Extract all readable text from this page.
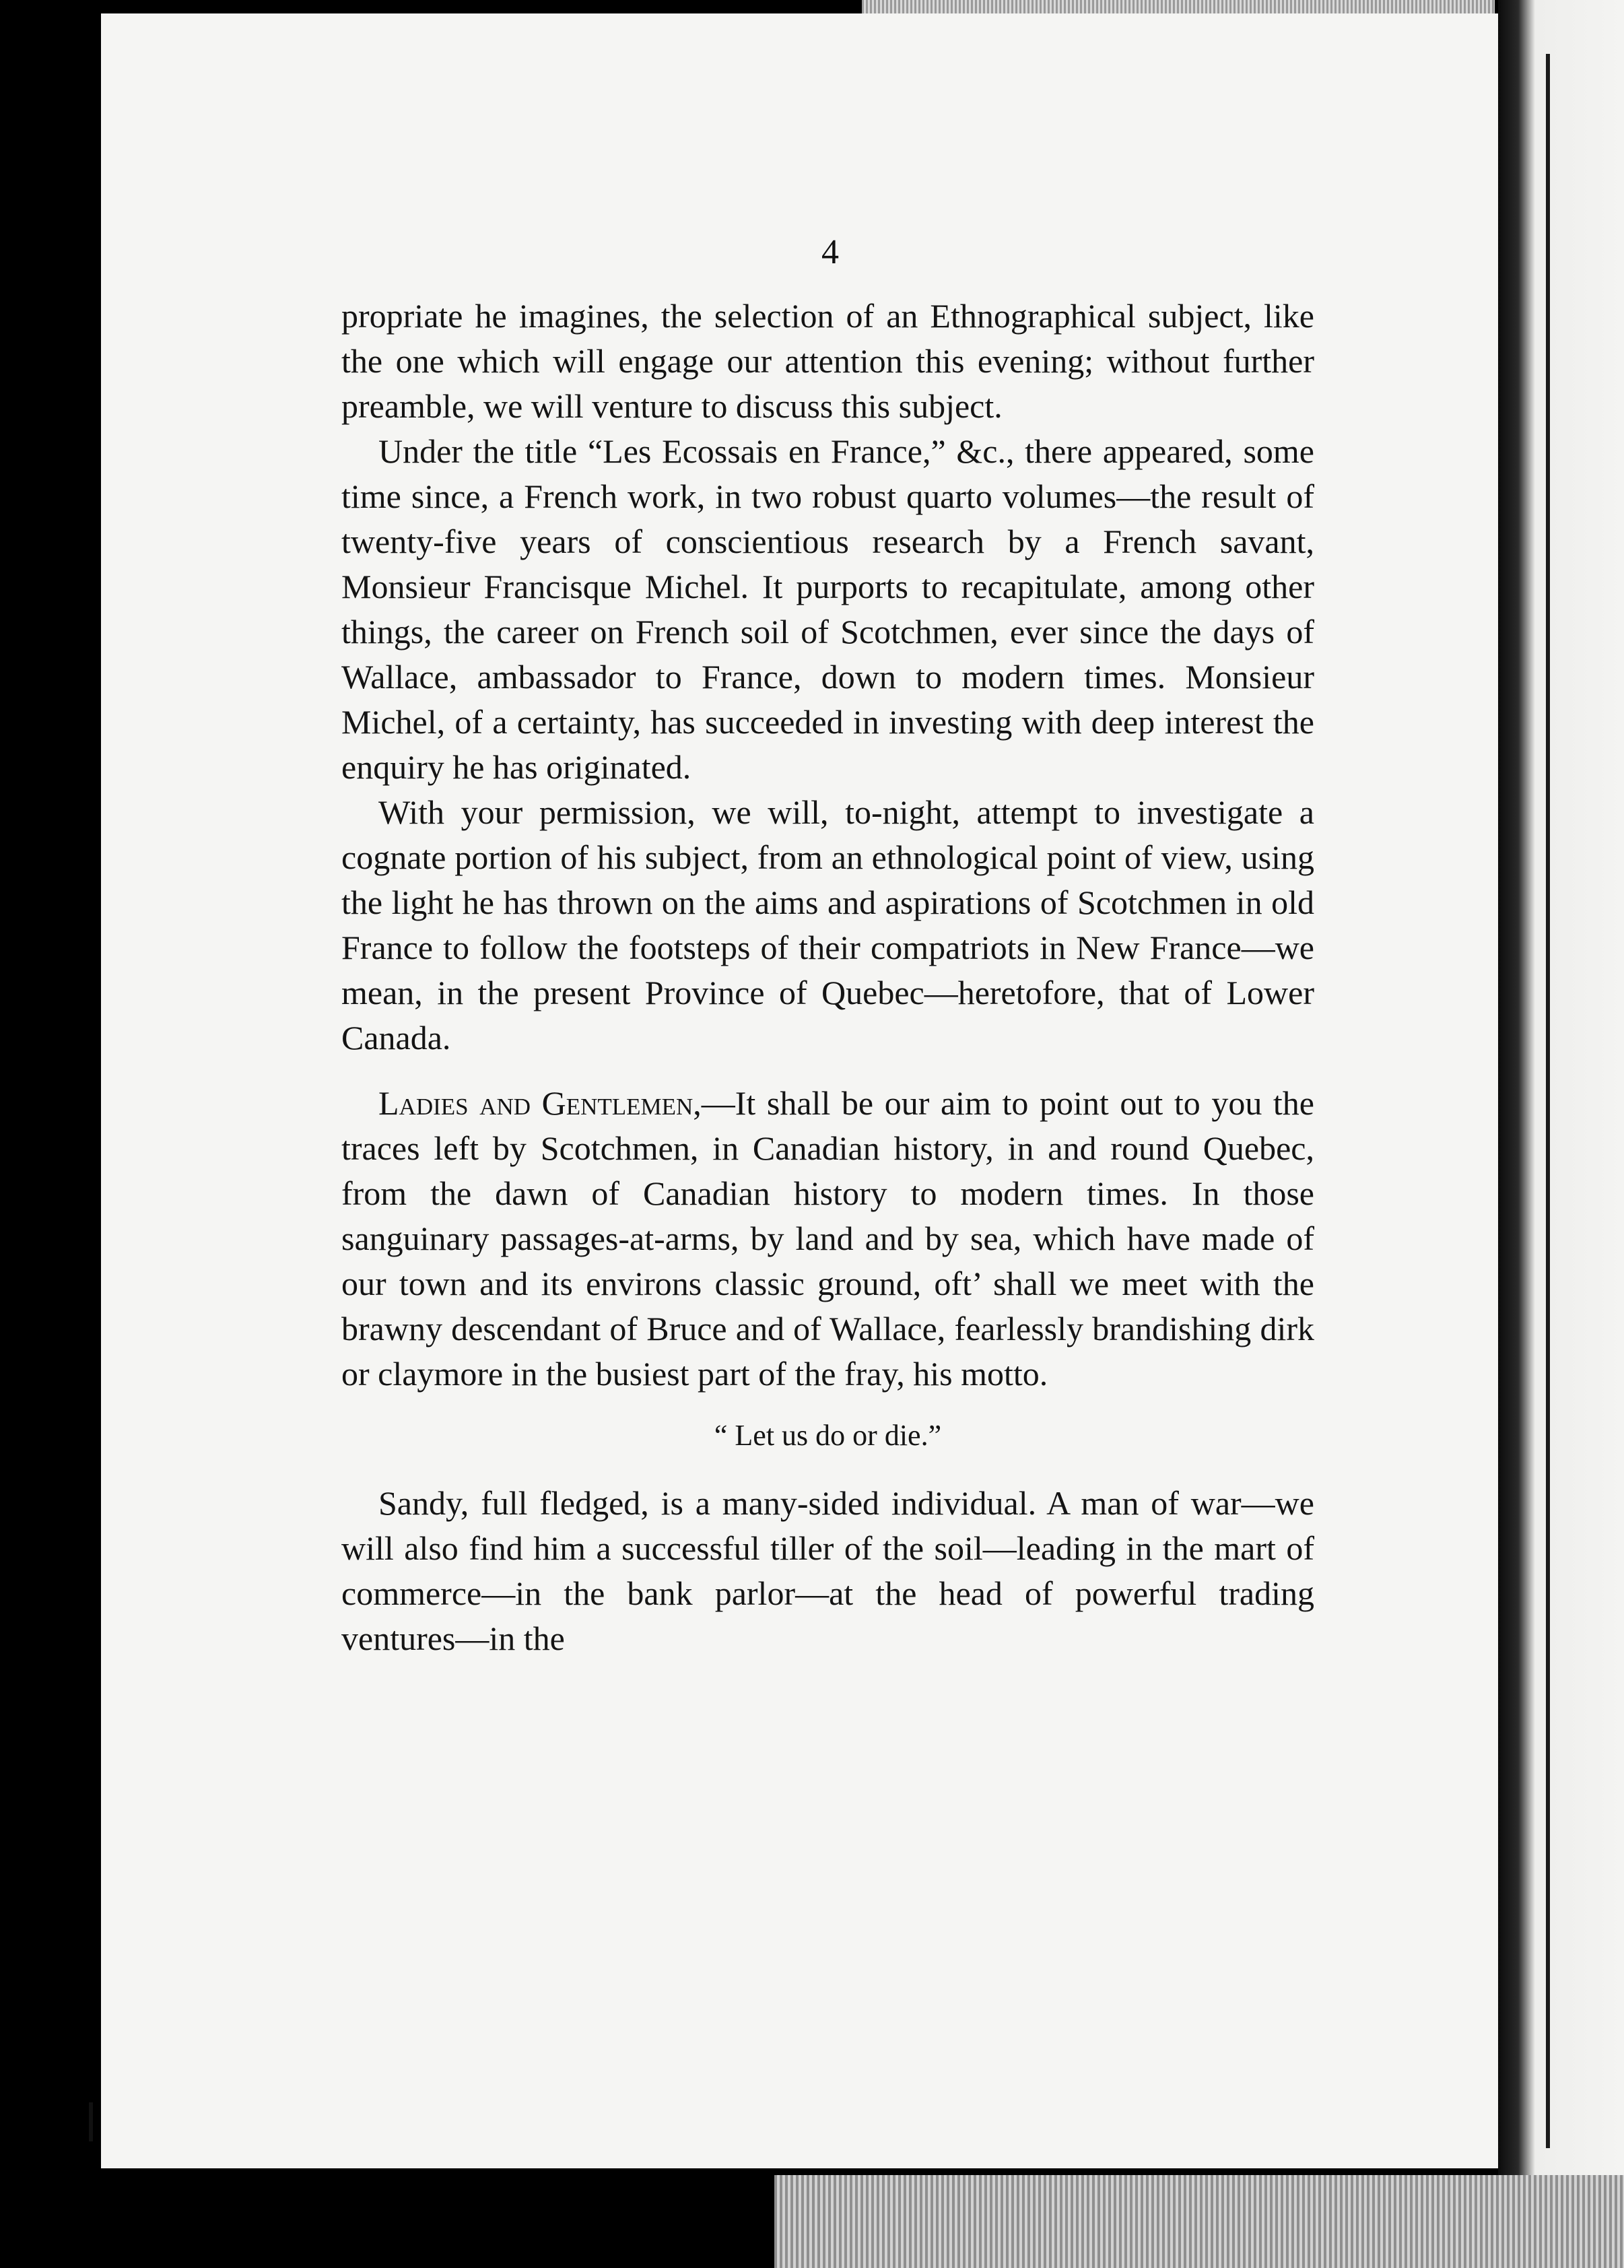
4

propriate he imagines, the selection of an Ethnographical subject, like the one which will engage our attention this evening; without further preamble, we will venture to discuss this subject.

Under the title “Les Ecossais en France,” &c., there appeared, some time since, a French work, in two robust quarto volumes—the result of twenty-five years of conscientious research by a French savant, Monsieur Francisque Michel. It purports to recapitulate, among other things, the career on French soil of Scotchmen, ever since the days of Wallace, ambassador to France, down to modern times. Monsieur Michel, of a certainty, has succeeded in investing with deep interest the enquiry he has originated.

With your permission, we will, to-night, attempt to investigate a cognate portion of his subject, from an ethnological point of view, using the light he has thrown on the aims and aspirations of Scotchmen in old France to follow the footsteps of their compatriots in New France—we mean, in the present Province of Quebec—heretofore, that of Lower Canada.

Ladies and Gentlemen,—It shall be our aim to point out to you the traces left by Scotchmen, in Canadian history, in and round Quebec, from the dawn of Canadian history to modern times. In those sanguinary passages-at-arms, by land and by sea, which have made of our town and its environs classic ground, oft’ shall we meet with the brawny descendant of Bruce and of Wallace, fearlessly brandishing dirk or claymore in the busiest part of the fray, his motto.

“ Let us do or die.”

Sandy, full fledged, is a many-sided individual. A man of war—we will also find him a successful tiller of the soil—leading in the mart of commerce—in the bank parlor—at the head of powerful trading ventures—in the
